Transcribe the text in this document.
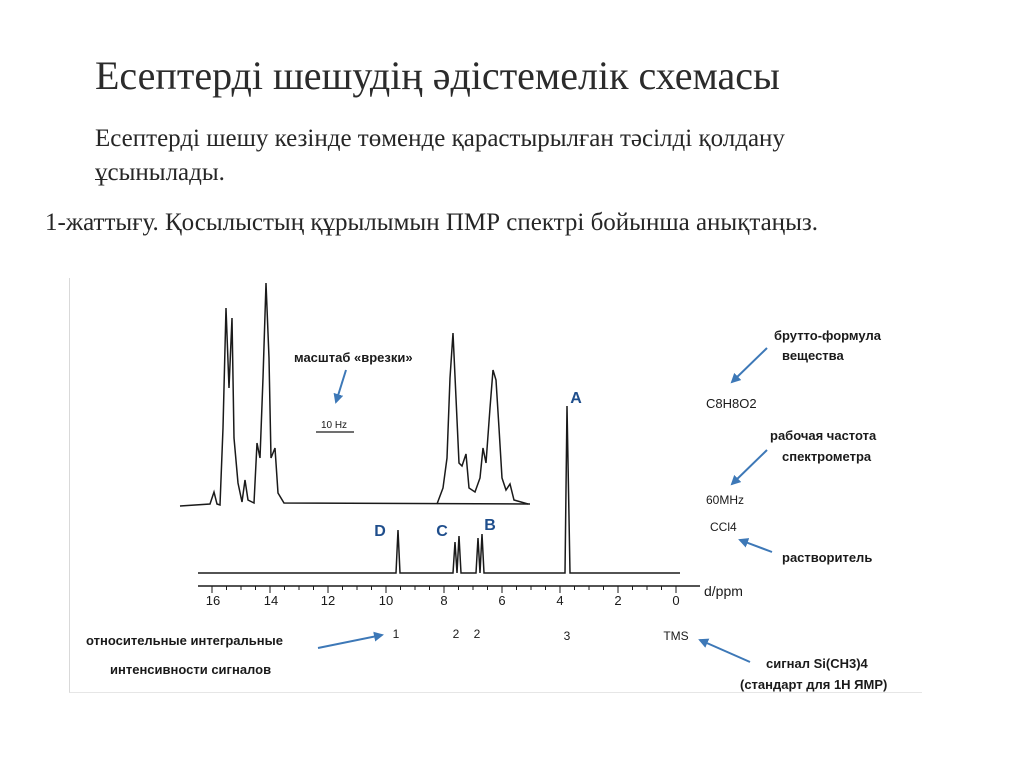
Есептерді шешудің әдістемелік схемасы
Есептерді шешу кезінде төменде қарастырылған тәсілді қолдану ұсынылады.
1-жаттығу. Қосылыстың құрылымын ПМР спектрі бойынша анықтаңыз.
16	14	12	10	8	6	4	2	0
d/ppm
D	C B
A
1	2 2	3	TMS
масштаб «врезки»
10 Hz
брутто-формула
вещества
C8H8O2
рабочая частота
спектрометра
60MHz
CCl4
растворитель
относительные интегральные
интенсивности сигналов	сигнал Si(CH3)4
(стандарт для 1H ЯМР)
